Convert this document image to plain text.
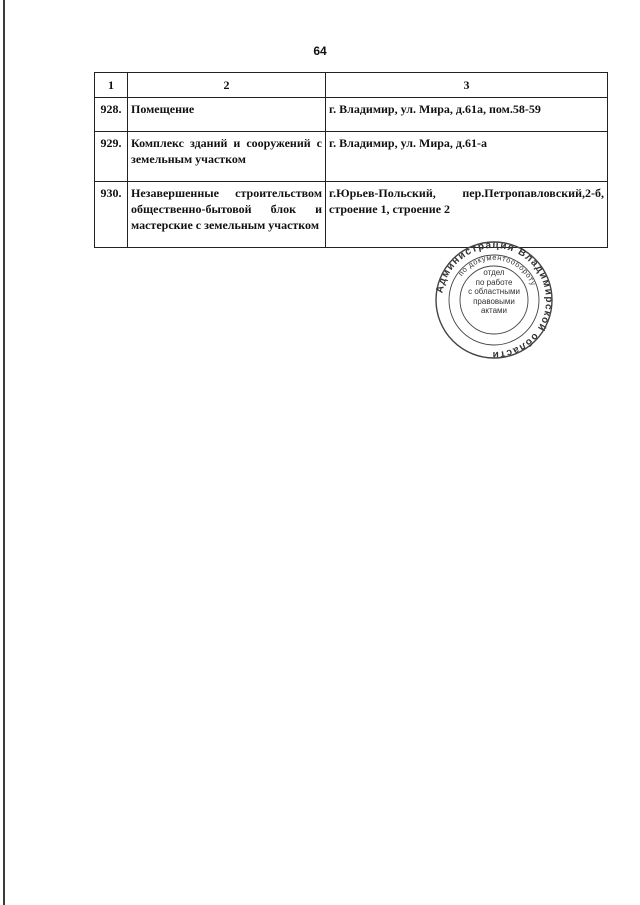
64
1	2	3
928.	Помещение	г. Владимир, ул. Мира, д.61а, пом.58-59
929.	Комплекс зданий и сооружений с земельным участком	г. Владимир, ул. Мира, д.61-а
930.	Незавершенные строительством общественно-бытовой блок и мастерские с земельным участком	г.Юрьев-Польский, пер.Петропавловский,2-б, строение 1, строение 2
Администрация Владимирской области
по документообороту
отдел
по работе
с областными
правовыми
актами
